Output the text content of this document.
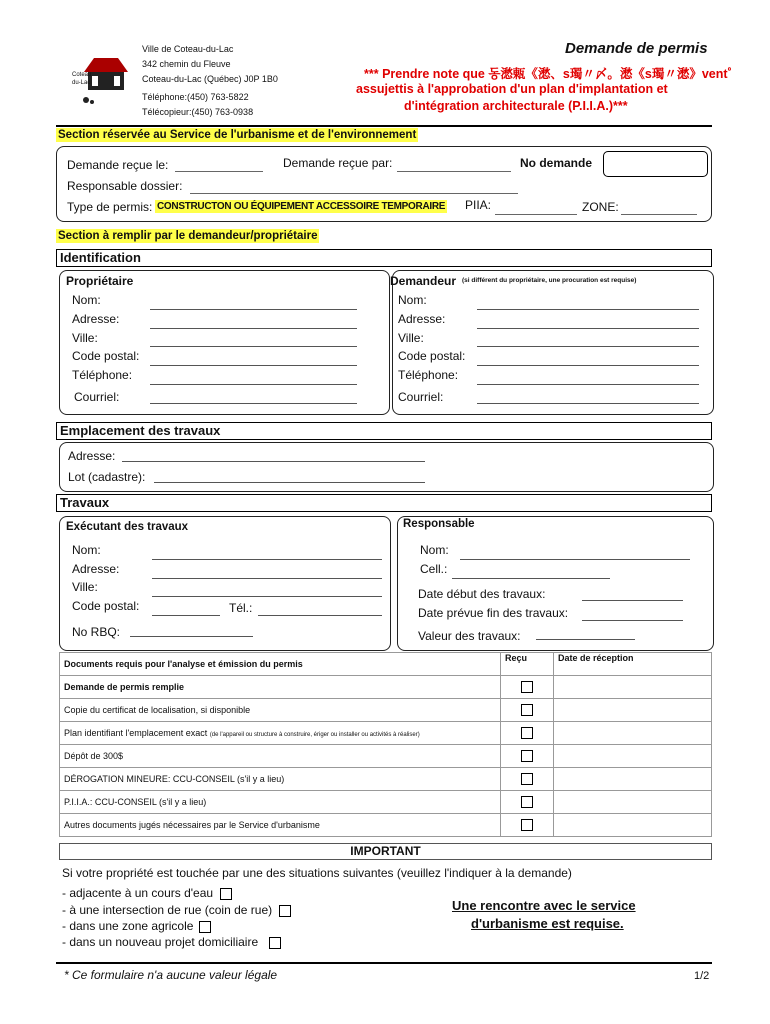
Coteau
du-Lac
Ville de Coteau-du-Lac
342 chemin du Fleuve
Coteau-du-Lac (Québec) J0P 1B0
Téléphone:(450) 763-5822
Télécopieur:(450) 763-0938
Demande de permis
*** Prendre note que 동㵞㼯《㵞、s㻿〃〆。㵞《s㻿〃㵞》ventﾟ
assujettis à l'approbation d'un plan d'implantation et
d'intégration architecturale (P.I.I.A.)***
Section réservée au Service de l'urbanisme et de l'environnement
Demande reçue le:	Demande reçue par:	No demande
Responsable dossier:
Type de permis: CONSTRUCTON OU ÉQUIPEMENT ACCESSOIRE TEMPORAIRE PIIA:	ZONE:
Section à remplir par le demandeur/propriétaire
Identification
Propriétaire
Nom:
Adresse:
Ville:
Code postal:
Téléphone:
Courriel:
Demandeur (si différent du propriétaire, une procuration est requise)
Nom:
Adresse:
Ville:
Code postal:
Téléphone:
Courriel:
Emplacement des travaux
Adresse:
Lot (cadastre):
Travaux
Exécutant des travaux
Nom:
Adresse:
Ville:
Code postal:	Tél.:
No RBQ:
Responsable
Nom:
Cell.:
Date début des travaux:
Date prévue fin des travaux:
Valeur des travaux:
Documents requis pour l'analyse et émission du permis	Reçu	Date de réception
Demande de permis remplie		
Copie du certificat de localisation, si disponible		
Plan identifiant l'emplacement exact (de l'appareil ou structure à construire, ériger ou installer ou activités à réaliser)		
Dépôt de 300$		
DÉROGATION MINEURE: CCU-CONSEIL (s'il y a lieu)		
P.I.I.A.: CCU-CONSEIL (s'il y a lieu)		
Autres documents jugés nécessaires par le Service d'urbanisme		
IMPORTANT
Si votre propriété est touchée par une des situations suivantes (veuillez l'indiquer à la demande)
- adjacente à un cours d'eau
- à une intersection de rue (coin de rue)
- dans une zone agricole
- dans un nouveau projet domiciliaire
Une rencontre avec le service
d'urbanisme est requise.
* Ce formulaire n'a aucune valeur légale	1/2
